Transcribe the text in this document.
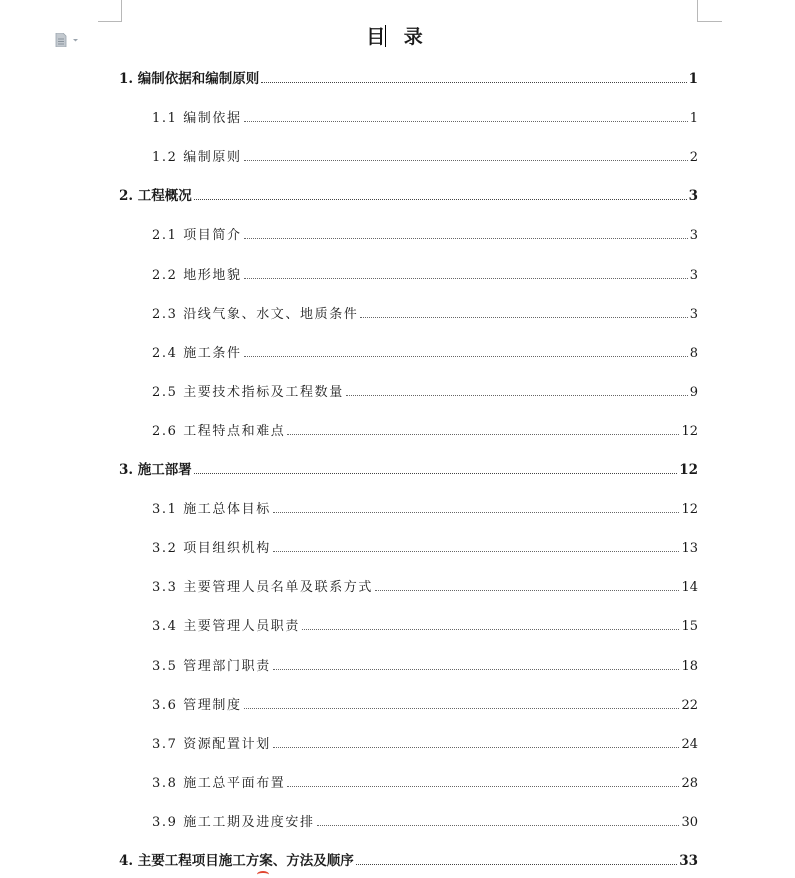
目 录
1. 编制依据和编制原则	1
1.1 编制依据	1
1.2 编制原则	2
2. 工程概况	3
2.1 项目简介	3
2.2 地形地貌	3
2.3 沿线气象、水文、地质条件	3
2.4 施工条件	8
2.5 主要技术指标及工程数量	9
2.6 工程特点和难点	12
3. 施工部署	12
3.1 施工总体目标	12
3.2 项目组织机构	13
3.3 主要管理人员名单及联系方式	14
3.4 主要管理人员职责	15
3.5 管理部门职责	18
3.6 管理制度	22
3.7 资源配置计划	24
3.8 施工总平面布置	28
3.9 施工工期及进度安排	30
4. 主要工程项目施工方案、方法及顺序	33
